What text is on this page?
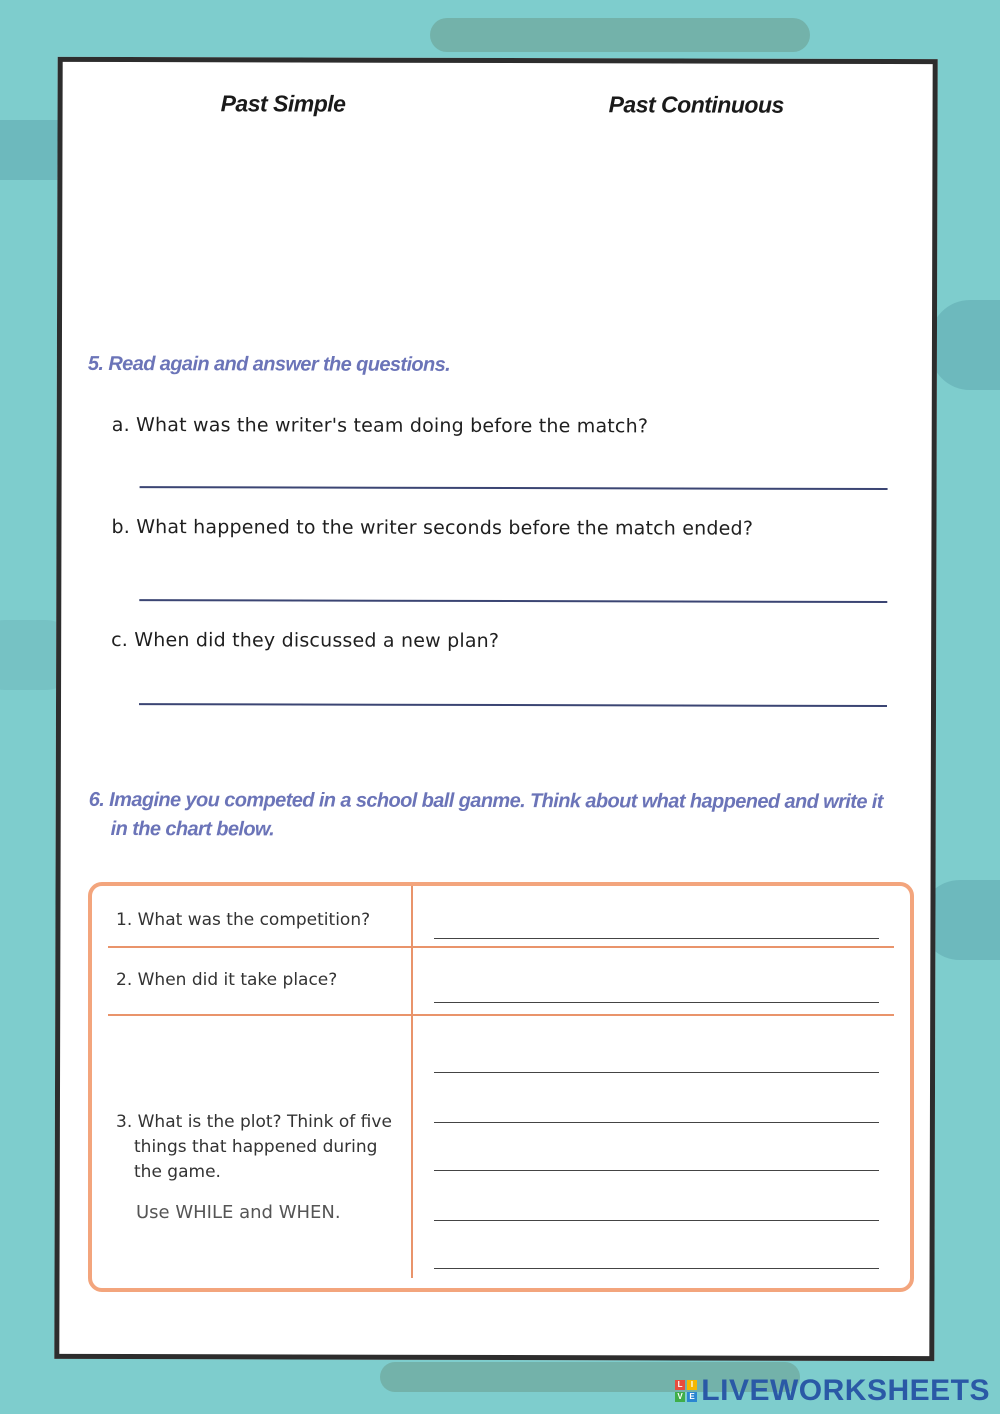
Past Simple	Past Continuous
5. Read again and answer the questions.
a. What was the writer's team doing before the match?
b. What happened to the writer seconds before the match ended?
c. When did they discussed a new plan?
6. Imagine you competed in a school ball ganme. Think about what happened and write it
in the chart below.
1. What was the competition?
2. When did it take place?
3. What is the plot? Think of five
things that happened during
the game.
Use WHILE and WHEN.
L I
V E LIVEWORKSHEETS
